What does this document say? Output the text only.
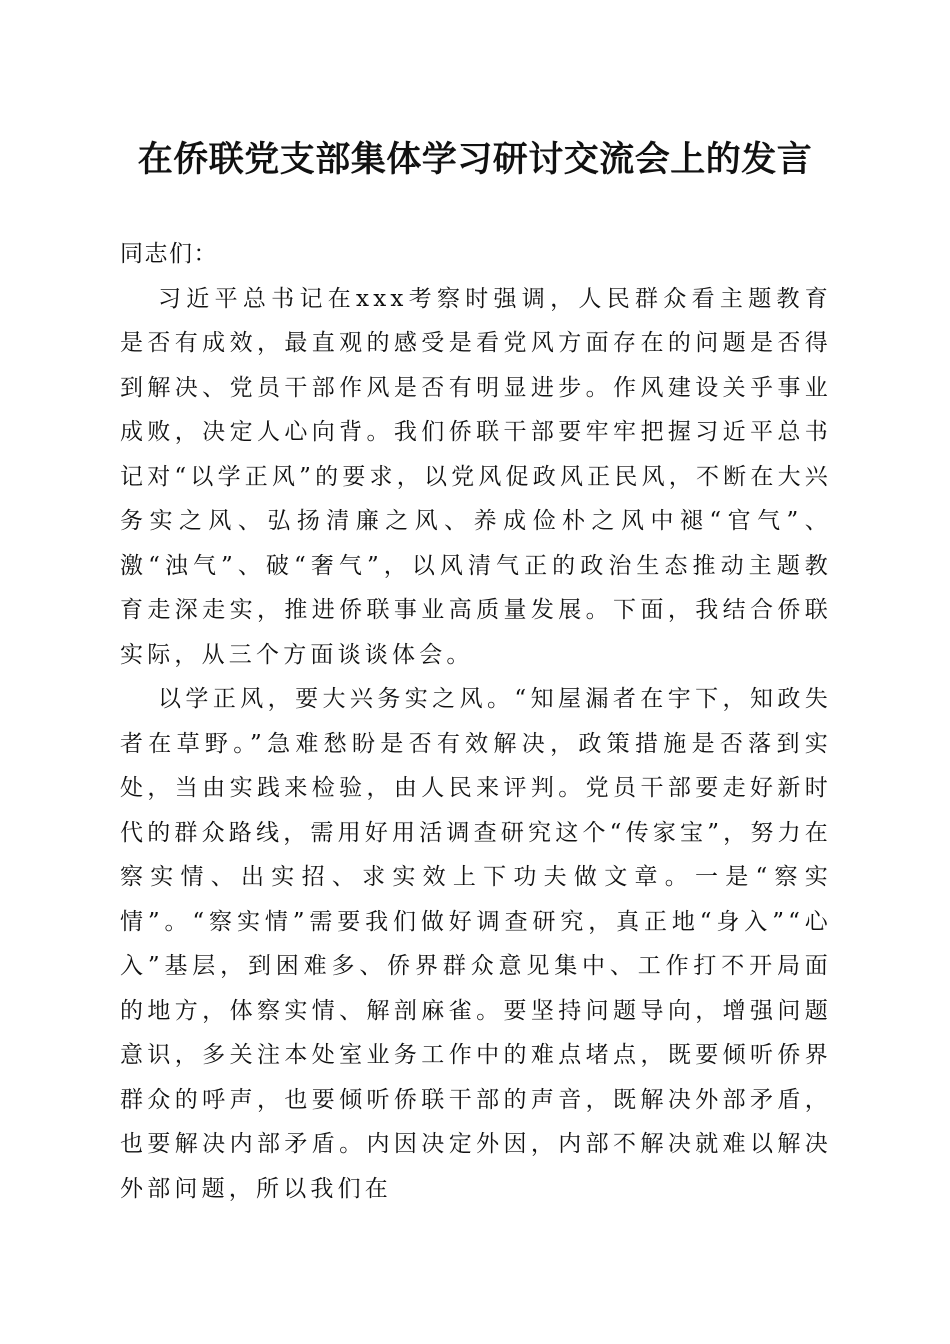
在侨联党支部集体学习研讨交流会上的发言

同志们：

习近平总书记在xxx考察时强调，人民群众看主题教育是否有成效，最直观的感受是看党风方面存在的问题是否得到解决、党员干部作风是否有明显进步。作风建设关乎事业成败，决定人心向背。我们侨联干部要牢牢把握习近平总书记对“以学正风”的要求，以党风促政风正民风，不断在大兴务实之风、弘扬清廉之风、养成俭朴之风中褪“官气”、激“浊气”、破“奢气”，以风清气正的政治生态推动主题教育走深走实，推进侨联事业高质量发展。下面，我结合侨联实际，从三个方面谈谈体会。

以学正风，要大兴务实之风。“知屋漏者在宇下，知政失者在草野。”急难愁盼是否有效解决，政策措施是否落到实处，当由实践来检验，由人民来评判。党员干部要走好新时代的群众路线，需用好用活调查研究这个“传家宝”，努力在察实情、出实招、求实效上下功夫做文章。一是“察实情”。“察实情”需要我们做好调查研究，真正地“身入”“心入”基层，到困难多、侨界群众意见集中、工作打不开局面的地方，体察实情、解剖麻雀。要坚持问题导向，增强问题意识，多关注本处室业务工作中的难点堵点，既要倾听侨界群众的呼声，也要倾听侨联干部的声音，既解决外部矛盾，也要解决内部矛盾。内因决定外因，内部不解决就难以解决外部问题，所以我们在
